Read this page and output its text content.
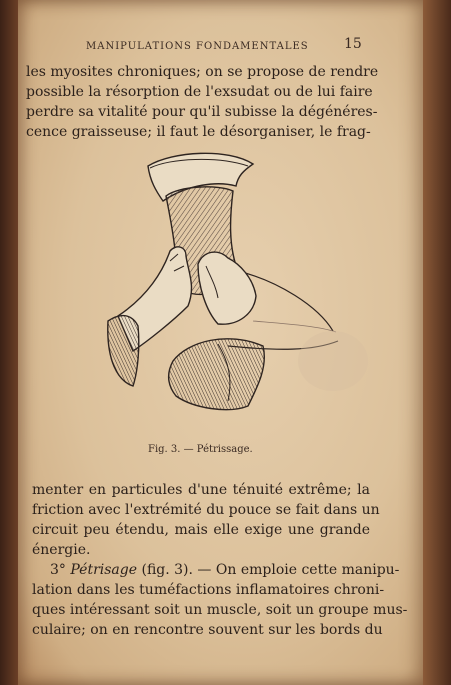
MANIPULATIONS FONDAMENTALES	15
les myosites chroniques; on se propose de rendre
possible la résorption de l'exsudat ou de lui faire
perdre sa vitalité pour qu'il subisse la dégénéres-
cence graisseuse; il faut le désorganiser, le frag-
Fig. 3. — Pétrissage.
menter en particules d'une ténuité extrême; la
friction avec l'extrémité du pouce se fait dans un
circuit peu étendu, mais elle exige une grande
énergie.
3° Pétrisage (fig. 3). — On emploie cette manipu-
lation dans les tuméfactions inflamatoires chroni-
ques intéressant soit un muscle, soit un groupe mus-
culaire; on en rencontre souvent sur les bords du
